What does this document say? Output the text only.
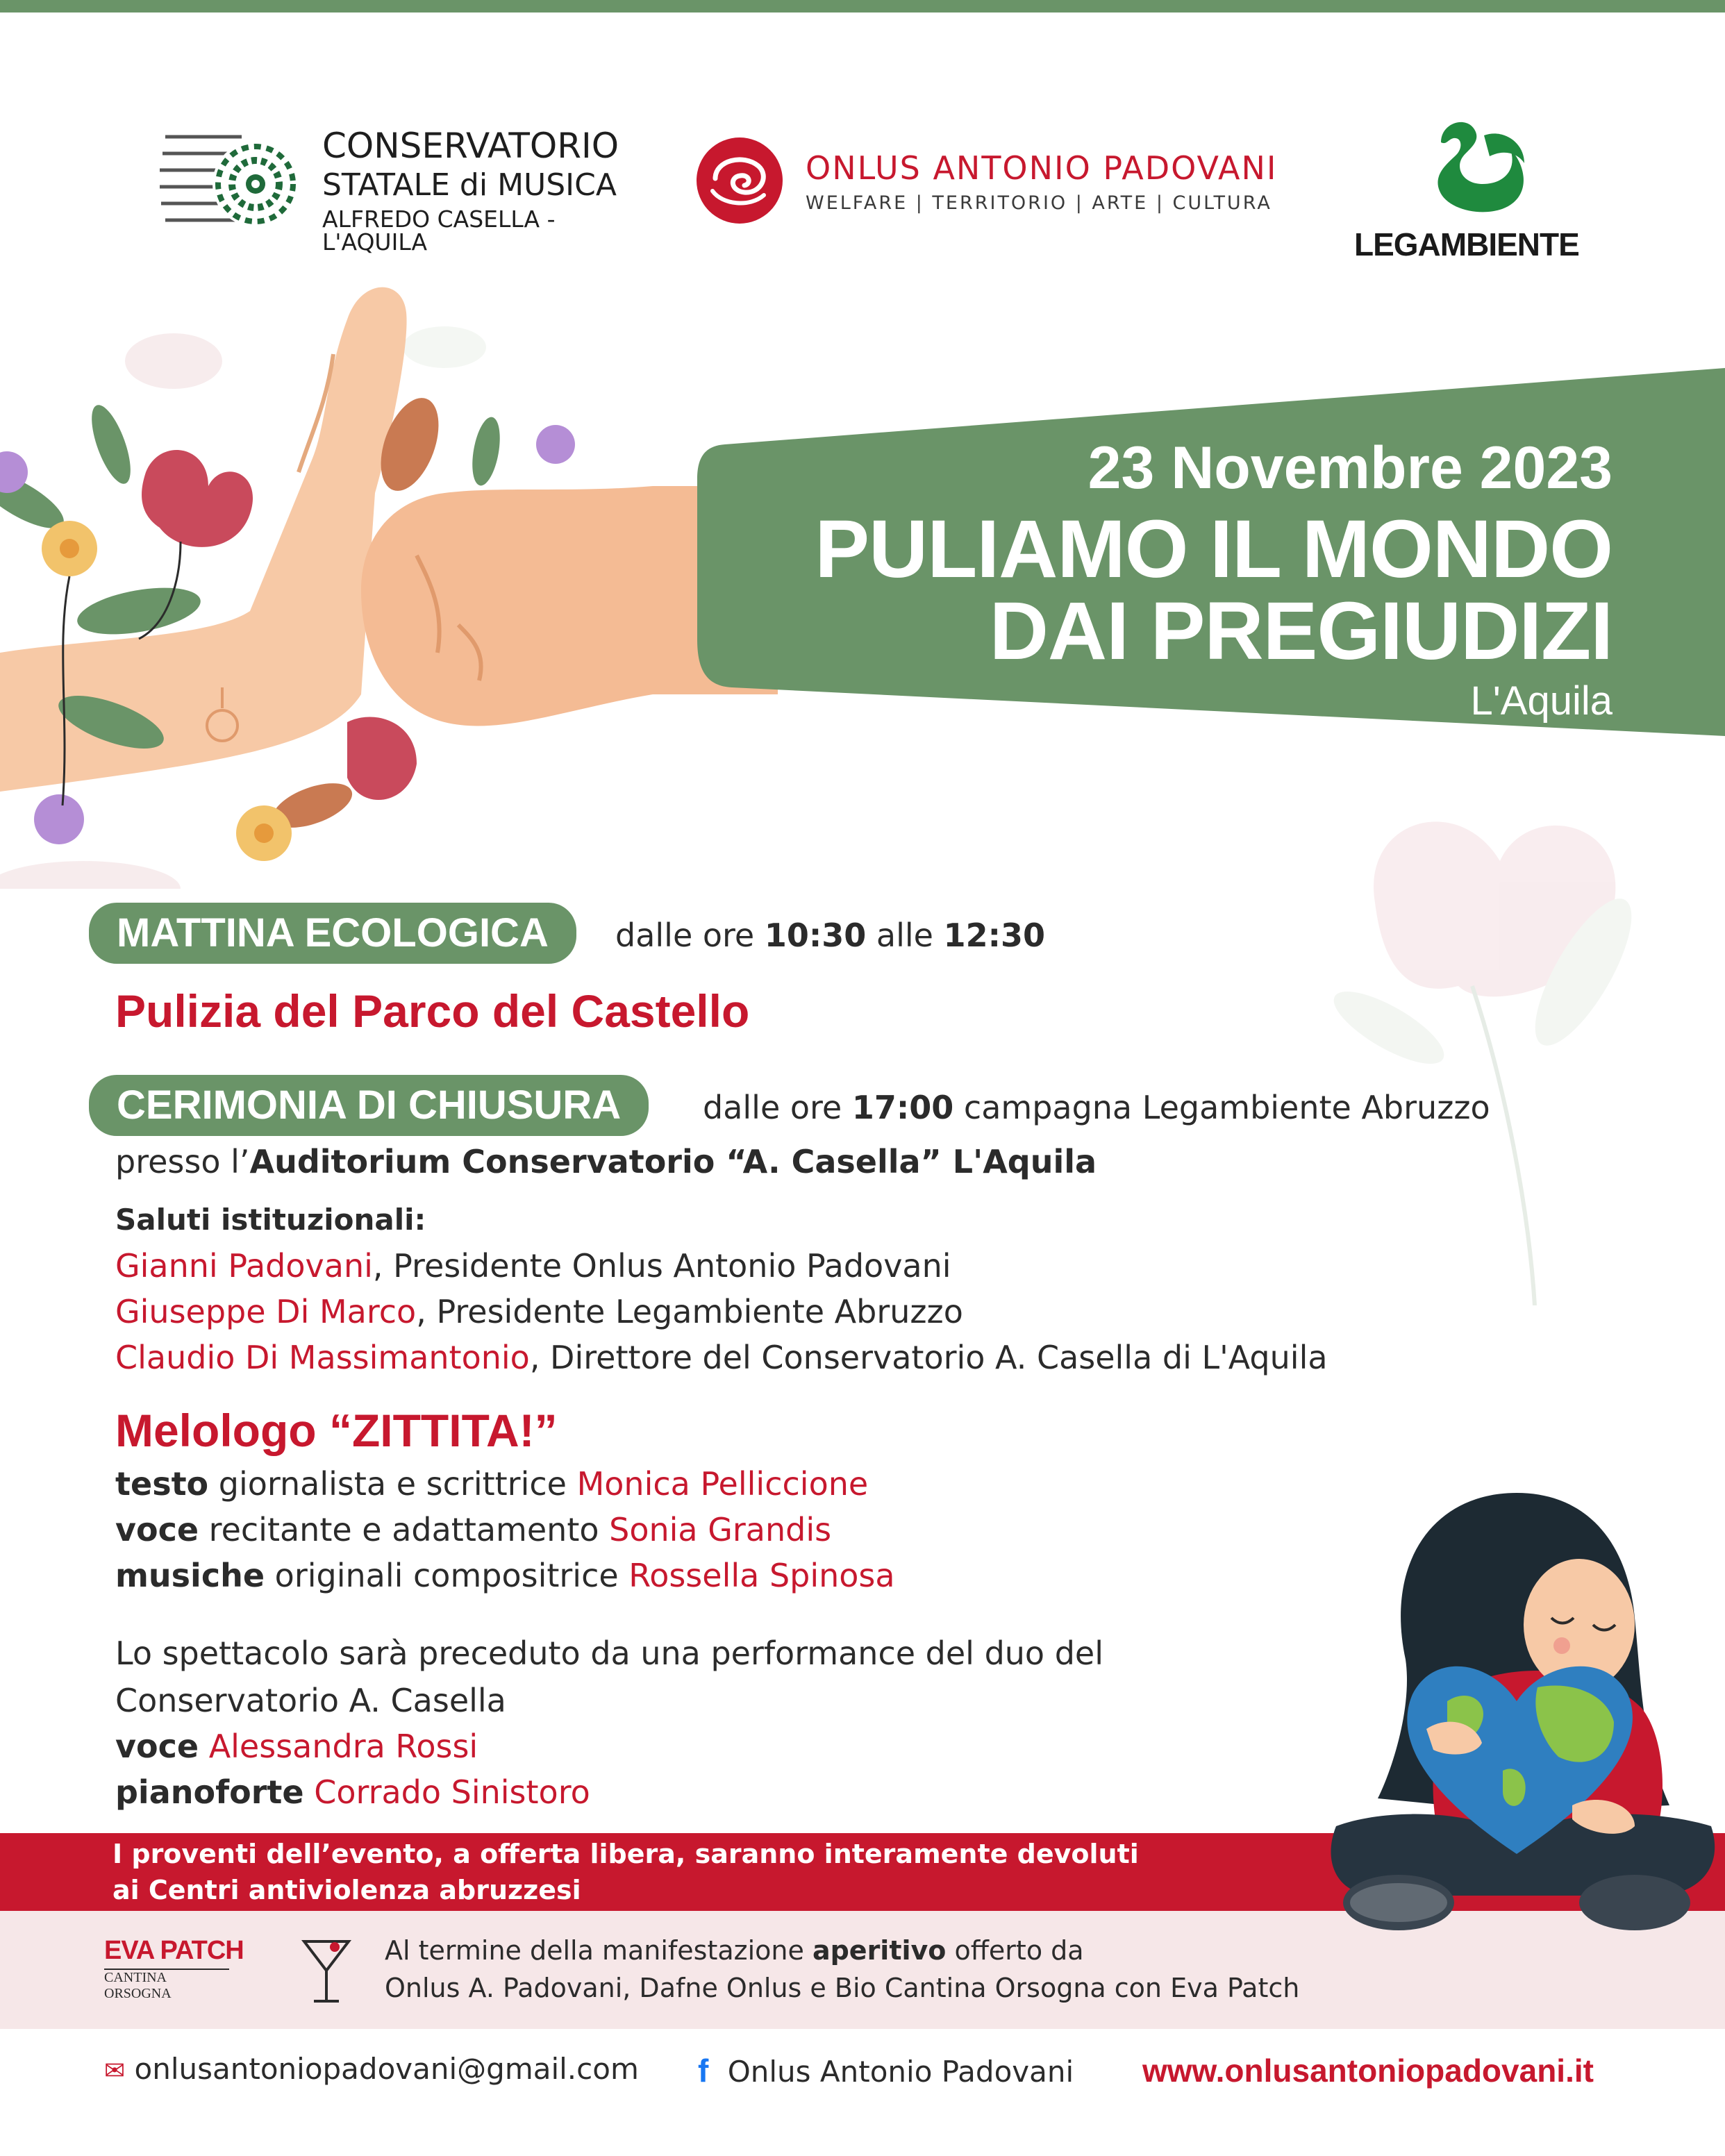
CONSERVATORIO
STATALE di MUSICA
ALFREDO CASELLA - L'AQUILA
ONLUS ANTONIO PADOVANI
WELFARE | TERRITORIO | ARTE | CULTURA
LEGAMBIENTE
23 Novembre 2023
PULIAMO IL MONDO
DAI PREGIUDIZI
L'Aquila
MATTINA ECOLOGICA	dalle ore 10:30 alle 12:30
Pulizia del Parco del Castello
CERIMONIA DI CHIUSURA	dalle ore 17:00 campagna Legambiente Abruzzo
presso l’Auditorium Conservatorio “A. Casella” L'Aquila
Saluti istituzionali:
Gianni Padovani, Presidente Onlus Antonio Padovani
Giuseppe Di Marco, Presidente Legambiente Abruzzo
Claudio Di Massimantonio, Direttore del Conservatorio A. Casella di L'Aquila
Melologo “ZITTITA!”
testo giornalista e scrittrice Monica Pelliccione
voce recitante e adattamento Sonia Grandis
musiche originali compositrice Rossella Spinosa
Lo spettacolo sarà preceduto da una performance del duo del
Conservatorio A. Casella
voce Alessandra Rossi
pianoforte Corrado Sinistoro
I proventi dell’evento, a offerta libera, saranno interamente devoluti
ai Centri antiviolenza abruzzesi
EVA PATCH
CANTINA ORSOGNA
Al termine della manifestazione aperitivo offerto da
Onlus A. Padovani, Dafne Onlus e Bio Cantina Orsogna con Eva Patch
✉ onlusantoniopadovani@gmail.com f Onlus Antonio Padovani www.onlusantoniopadovani.it
